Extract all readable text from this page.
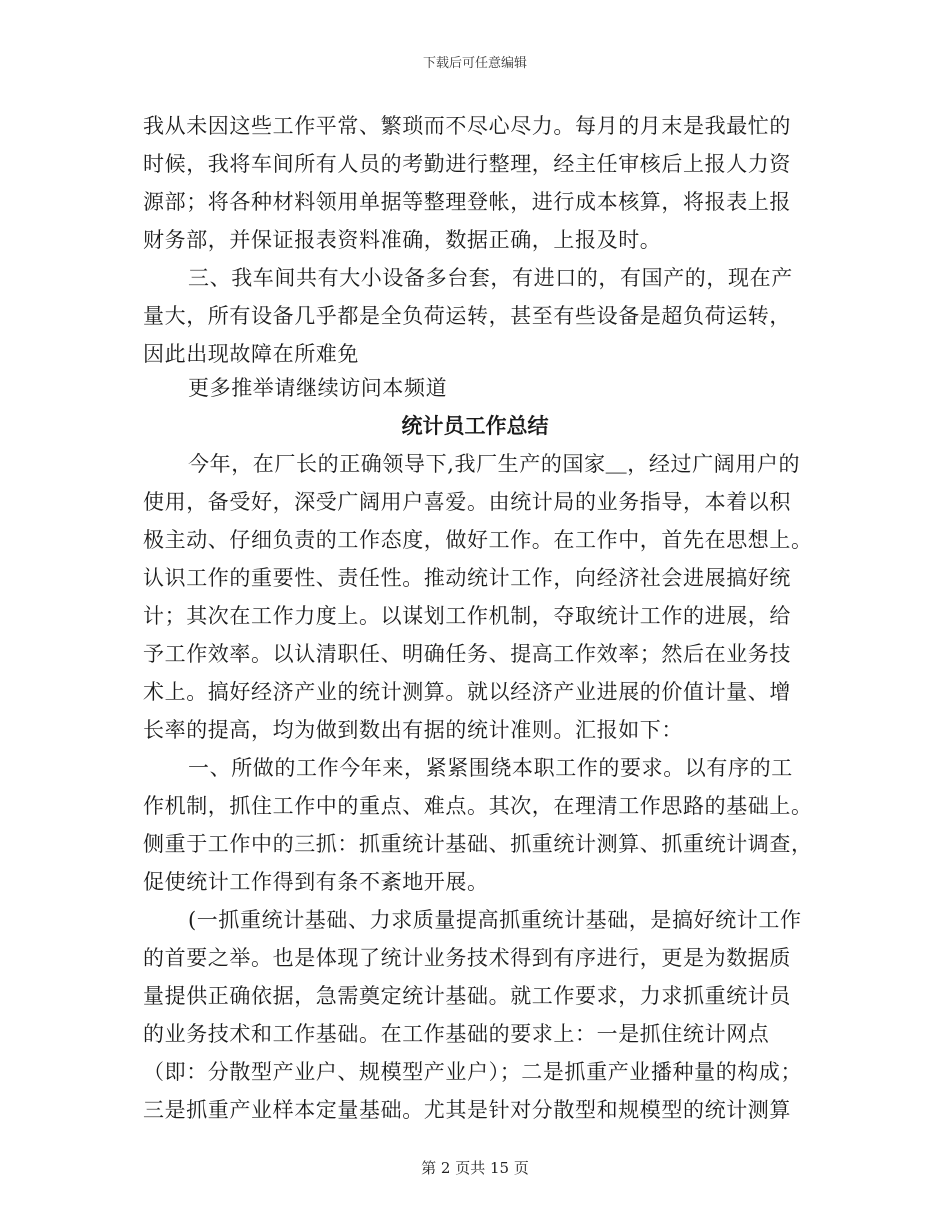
下载后可任意编辑
我从未因这些工作平常、繁琐而不尽心尽力。每月的月末是我最忙的
时候，我将车间所有人员的考勤进行整理，经主任审核后上报人力资
源部；将各种材料领用单据等整理登帐，进行成本核算，将报表上报
财务部，并保证报表资料准确，数据正确，上报及时。
三、我车间共有大小设备多台套，有进口的，有国产的，现在产
量大，所有设备几乎都是全负荷运转，甚至有些设备是超负荷运转，
因此出现故障在所难免
更多推举请继续访问本频道
统计员工作总结
今年，在厂长的正确领导下,我厂生产的国家＿，经过广阔用户的
使用，备受好，深受广阔用户喜爱。由统计局的业务指导，本着以积
极主动、仔细负责的工作态度，做好工作。在工作中，首先在思想上。
认识工作的重要性、责任性。推动统计工作，向经济社会进展搞好统
计；其次在工作力度上。以谋划工作机制，夺取统计工作的进展，给
予工作效率。以认清职任、明确任务、提高工作效率；然后在业务技
术上。搞好经济产业的统计测算。就以经济产业进展的价值计量、增
长率的提高，均为做到数出有据的统计准则。汇报如下：
一、所做的工作今年来，紧紧围绕本职工作的要求。以有序的工
作机制，抓住工作中的重点、难点。其次，在理清工作思路的基础上。
侧重于工作中的三抓：抓重统计基础、抓重统计测算、抓重统计调查，
促使统计工作得到有条不紊地开展。
(一抓重统计基础、力求质量提高抓重统计基础，是搞好统计工作
的首要之举。也是体现了统计业务技术得到有序进行，更是为数据质
量提供正确依据，急需奠定统计基础。就工作要求，力求抓重统计员
的业务技术和工作基础。在工作基础的要求上：一是抓住统计网点
（即：分散型产业户、规模型产业户）；二是抓重产业播种量的构成；
三是抓重产业样本定量基础。尤其是针对分散型和规模型的统计测算
第 2 页共 15 页
